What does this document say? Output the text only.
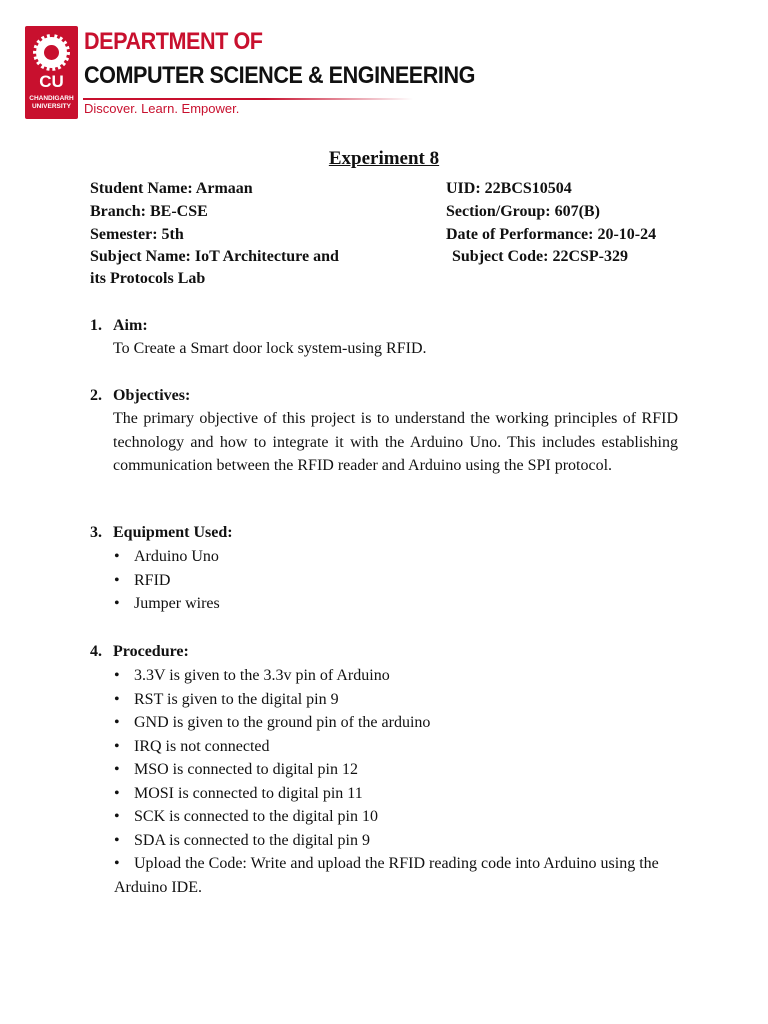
CU
CHANDIGARH UNIVERSITY
DEPARTMENT OF
COMPUTER SCIENCE & ENGINEERING
Discover. Learn. Empower.
Experiment 8
Student Name: Armaan	UID: 22BCS10504
Branch: BE-CSE	Section/Group: 607(B)
Semester: 5th	Date of Performance: 20-10-24
Subject Name: IoT Architecture and	Subject Code: 22CSP-329
its Protocols Lab
1. Aim:
To Create a Smart door lock system-using RFID.
2. Objectives:
The primary objective of this project is to understand the working principles of RFID technology and how to integrate it with the Arduino Uno. This includes establishing communication between the RFID reader and Arduino using the SPI protocol.
3. Equipment Used:
• Arduino Uno
• RFID
• Jumper wires
4. Procedure:
• 3.3V is given to the 3.3v pin of Arduino
• RST is given to the digital pin 9
• GND is given to the ground pin of the arduino
• IRQ is not connected
• MSO is connected to digital pin 12
• MOSI is connected to digital pin 11
• SCK is connected to the digital pin 10
• SDA is connected to the digital pin 9
• Upload the Code: Write and upload the RFID reading code into Arduino using the Arduino IDE.
